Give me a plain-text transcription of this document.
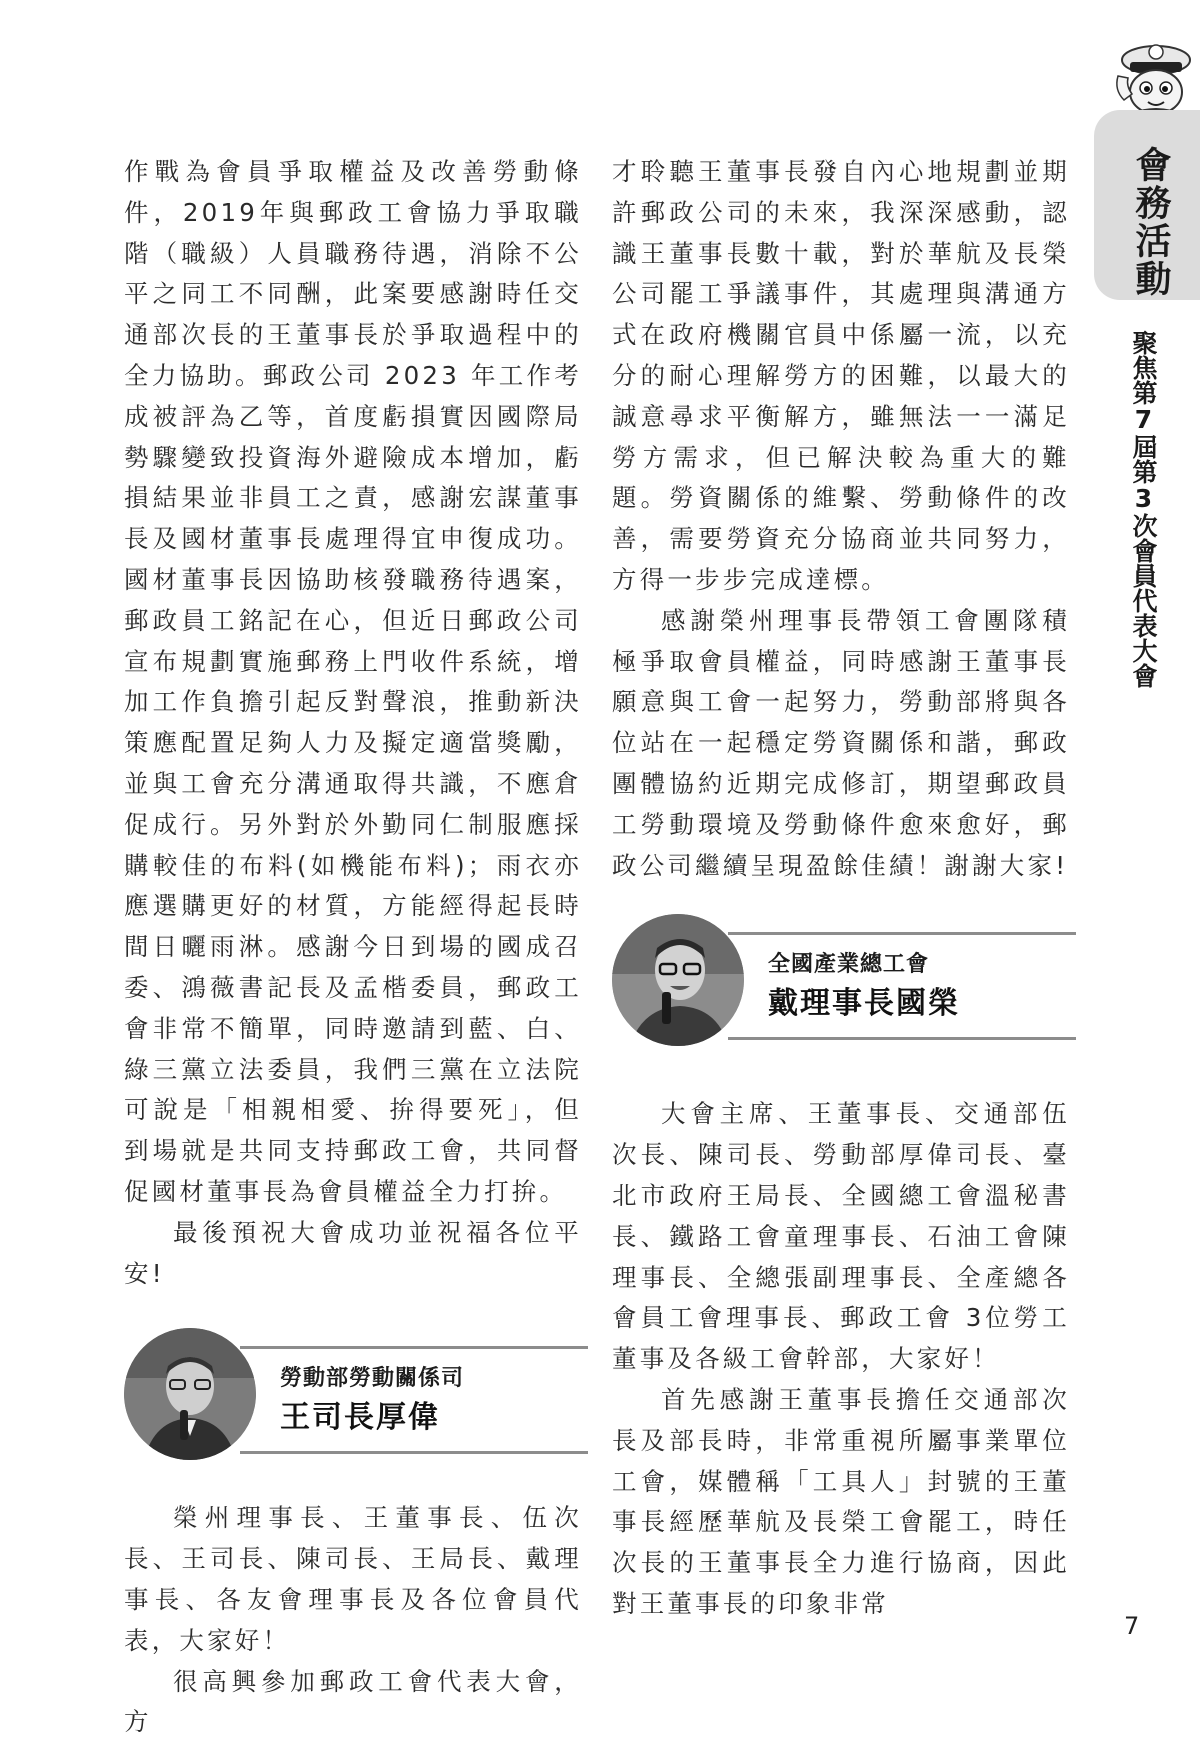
會務活動
聚焦第7屆第3次會員代表大會

作戰為會員爭取權益及改善勞動條件，2019年與郵政工會協力爭取職階（職級）人員職務待遇，消除不公平之同工不同酬，此案要感謝時任交通部次長的王董事長於爭取過程中的全力協助。郵政公司 2023 年工作考成被評為乙等，首度虧損實因國際局勢驟變致投資海外避險成本增加，虧損結果並非員工之責，感謝宏謀董事長及國材董事長處理得宜申復成功。國材董事長因協助核發職務待遇案，郵政員工銘記在心，但近日郵政公司宣布規劃實施郵務上門收件系統，增加工作負擔引起反對聲浪，推動新決策應配置足夠人力及擬定適當獎勵，並與工會充分溝通取得共識，不應倉促成行。另外對於外勤同仁制服應採購較佳的布料(如機能布料)；雨衣亦應選購更好的材質，方能經得起長時間日曬雨淋。感謝今日到場的國成召委、鴻薇書記長及孟楷委員，郵政工會非常不簡單，同時邀請到藍、白、綠三黨立法委員，我們三黨在立法院可說是「相親相愛、拚得要死」，但到場就是共同支持郵政工會，共同督促國材董事長為會員權益全力打拚。

最後預祝大會成功並祝福各位平安!

勞動部勞動關係司
王司長厚偉

榮州理事長、王董事長、伍次長、王司長、陳司長、王局長、戴理事長、各友會理事長及各位會員代表，大家好！

很高興參加郵政工會代表大會，方

才聆聽王董事長發自內心地規劃並期許郵政公司的未來，我深深感動，認識王董事長數十載，對於華航及長榮公司罷工爭議事件，其處理與溝通方式在政府機關官員中係屬一流，以充分的耐心理解勞方的困難，以最大的誠意尋求平衡解方，雖無法一一滿足勞方需求，但已解決較為重大的難題。勞資關係的維繫、勞動條件的改善，需要勞資充分協商並共同努力，方得一步步完成達標。

感謝榮州理事長帶領工會團隊積極爭取會員權益，同時感謝王董事長願意與工會一起努力，勞動部將與各位站在一起穩定勞資關係和諧，郵政團體協約近期完成修訂，期望郵政員工勞動環境及勞動條件愈來愈好，郵政公司繼續呈現盈餘佳績！謝謝大家!

全國產業總工會
戴理事長國榮

大會主席、王董事長、交通部伍次長、陳司長、勞動部厚偉司長、臺北市政府王局長、全國總工會溫秘書長、鐵路工會童理事長、石油工會陳理事長、全總張副理事長、全產總各會員工會理事長、郵政工會 3位勞工董事及各級工會幹部，大家好！

首先感謝王董事長擔任交通部次長及部長時，非常重視所屬事業單位工會，媒體稱「工具人」封號的王董事長經歷華航及長榮工會罷工，時任次長的王董事長全力進行協商，因此對王董事長的印象非常

7
